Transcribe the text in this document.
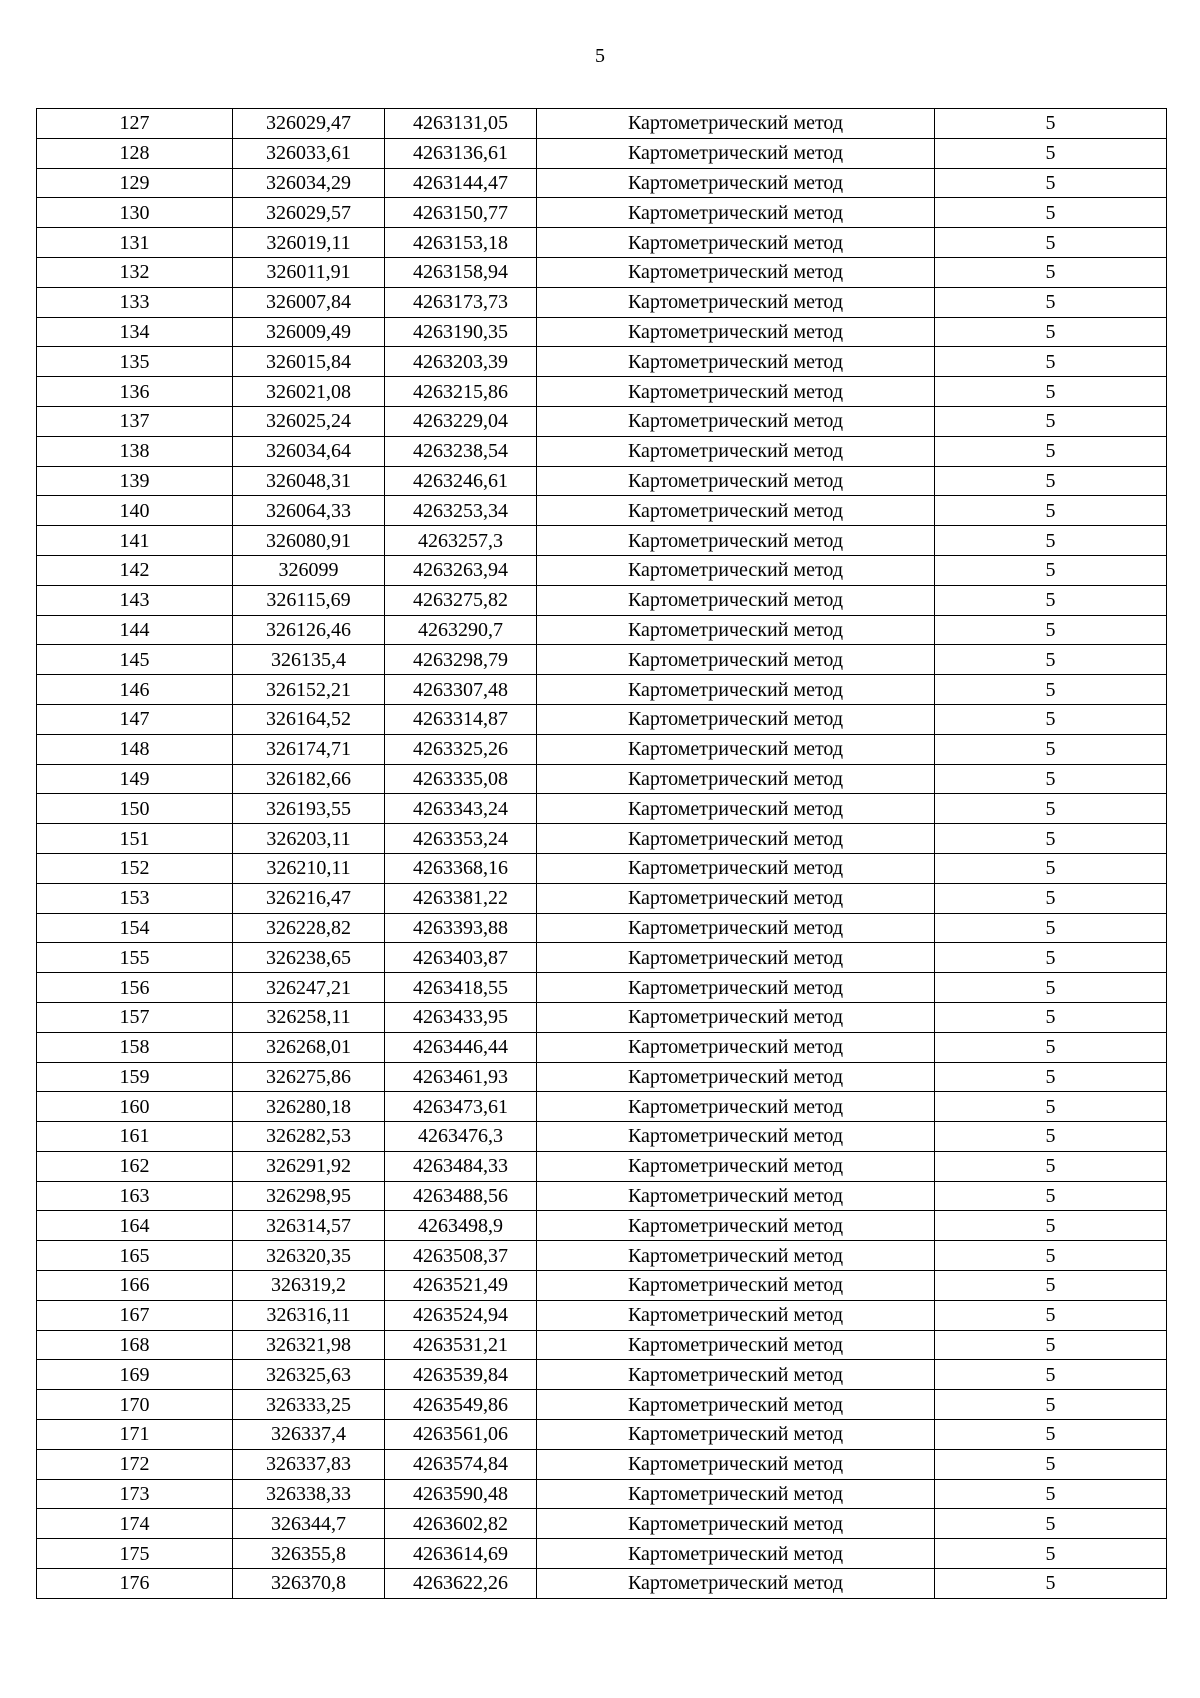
5
127	326029,47	4263131,05	Картометрический метод	5
128	326033,61	4263136,61	Картометрический метод	5
129	326034,29	4263144,47	Картометрический метод	5
130	326029,57	4263150,77	Картометрический метод	5
131	326019,11	4263153,18	Картометрический метод	5
132	326011,91	4263158,94	Картометрический метод	5
133	326007,84	4263173,73	Картометрический метод	5
134	326009,49	4263190,35	Картометрический метод	5
135	326015,84	4263203,39	Картометрический метод	5
136	326021,08	4263215,86	Картометрический метод	5
137	326025,24	4263229,04	Картометрический метод	5
138	326034,64	4263238,54	Картометрический метод	5
139	326048,31	4263246,61	Картометрический метод	5
140	326064,33	4263253,34	Картометрический метод	5
141	326080,91	4263257,3	Картометрический метод	5
142	326099	4263263,94	Картометрический метод	5
143	326115,69	4263275,82	Картометрический метод	5
144	326126,46	4263290,7	Картометрический метод	5
145	326135,4	4263298,79	Картометрический метод	5
146	326152,21	4263307,48	Картометрический метод	5
147	326164,52	4263314,87	Картометрический метод	5
148	326174,71	4263325,26	Картометрический метод	5
149	326182,66	4263335,08	Картометрический метод	5
150	326193,55	4263343,24	Картометрический метод	5
151	326203,11	4263353,24	Картометрический метод	5
152	326210,11	4263368,16	Картометрический метод	5
153	326216,47	4263381,22	Картометрический метод	5
154	326228,82	4263393,88	Картометрический метод	5
155	326238,65	4263403,87	Картометрический метод	5
156	326247,21	4263418,55	Картометрический метод	5
157	326258,11	4263433,95	Картометрический метод	5
158	326268,01	4263446,44	Картометрический метод	5
159	326275,86	4263461,93	Картометрический метод	5
160	326280,18	4263473,61	Картометрический метод	5
161	326282,53	4263476,3	Картометрический метод	5
162	326291,92	4263484,33	Картометрический метод	5
163	326298,95	4263488,56	Картометрический метод	5
164	326314,57	4263498,9	Картометрический метод	5
165	326320,35	4263508,37	Картометрический метод	5
166	326319,2	4263521,49	Картометрический метод	5
167	326316,11	4263524,94	Картометрический метод	5
168	326321,98	4263531,21	Картометрический метод	5
169	326325,63	4263539,84	Картометрический метод	5
170	326333,25	4263549,86	Картометрический метод	5
171	326337,4	4263561,06	Картометрический метод	5
172	326337,83	4263574,84	Картометрический метод	5
173	326338,33	4263590,48	Картометрический метод	5
174	326344,7	4263602,82	Картометрический метод	5
175	326355,8	4263614,69	Картометрический метод	5
176	326370,8	4263622,26	Картометрический метод	5
